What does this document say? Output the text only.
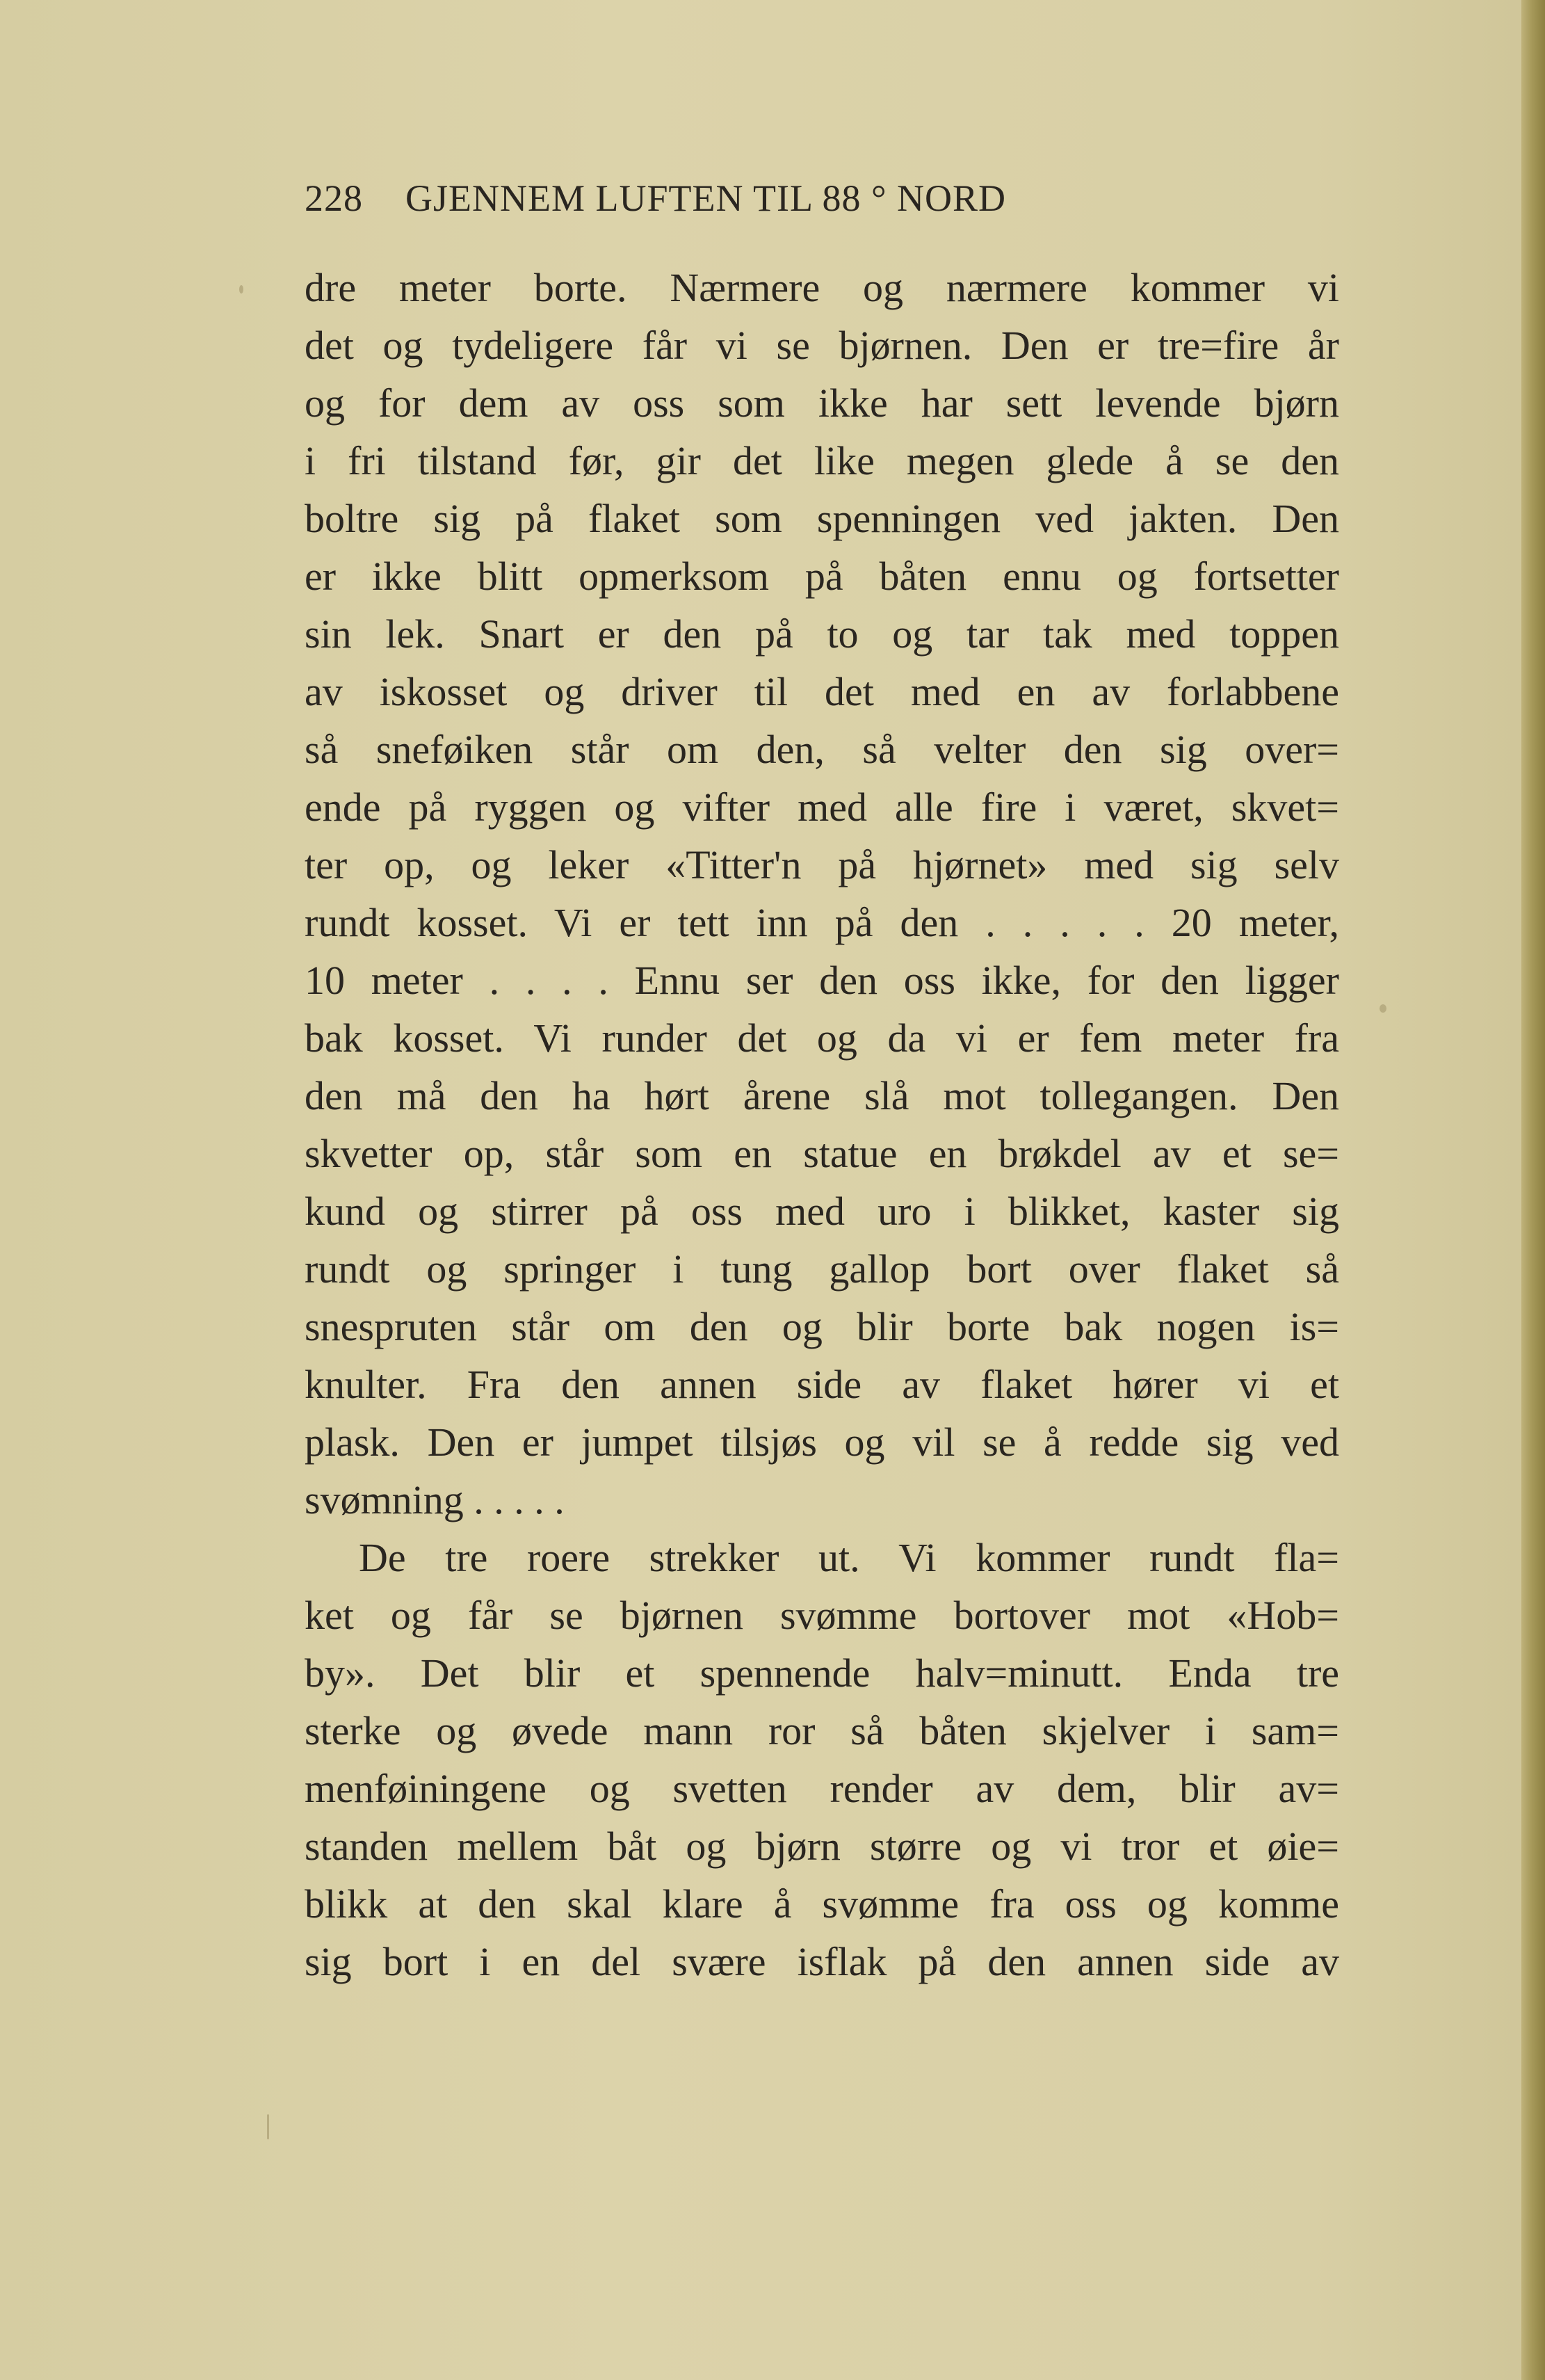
228 GJENNEM LUFTEN TIL 88 ° NORD
dre meter borte. Nærmere og nærmere kommer vi
det og tydeligere får vi se bjørnen. Den er tre=fire år
og for dem av oss som ikke har sett levende bjørn
i fri tilstand før, gir det like megen glede å se den
boltre sig på flaket som spenningen ved jakten. Den
er ikke blitt opmerksom på båten ennu og fortsetter
sin lek. Snart er den på to og tar tak med toppen
av iskosset og driver til det med en av forlabbene
så sneføiken står om den, så velter den sig over=
ende på ryggen og vifter med alle fire i været, skvet=
ter op, og leker «Titter'n på hjørnet» med sig selv
rundt kosset. Vi er tett inn på den . . . . . 20 meter,
10 meter . . . . Ennu ser den oss ikke, for den ligger
bak kosset. Vi runder det og da vi er fem meter fra
den må den ha hørt årene slå mot tollegangen. Den
skvetter op, står som en statue en brøkdel av et se=
kund og stirrer på oss med uro i blikket, kaster sig
rundt og springer i tung gallop bort over flaket så
snespruten står om den og blir borte bak nogen is=
knulter. Fra den annen side av flaket hører vi et
plask. Den er jumpet tilsjøs og vil se å redde sig ved
svømning . . . . .
De tre roere strekker ut. Vi kommer rundt fla=
ket og får se bjørnen svømme bortover mot «Hob=
by». Det blir et spennende halv=minutt. Enda tre
sterke og øvede mann ror så båten skjelver i sam=
menføiningene og svetten render av dem, blir av=
standen mellem båt og bjørn større og vi tror et øie=
blikk at den skal klare å svømme fra oss og komme
sig bort i en del svære isflak på den annen side av
